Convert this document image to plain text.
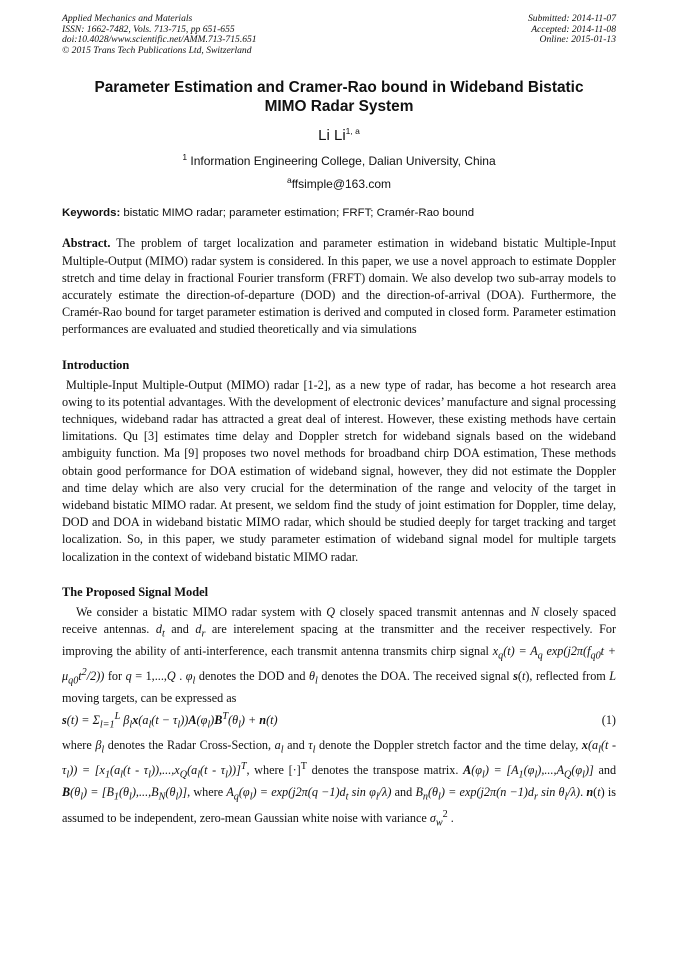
Applied Mechanics and Materials
ISSN: 1662-7482, Vols. 713-715, pp 651-655
doi:10.4028/www.scientific.net/AMM.713-715.651
© 2015 Trans Tech Publications Ltd, Switzerland
Submitted: 2014-11-07
Accepted: 2014-11-08
Online: 2015-01-13
Parameter Estimation and Cramer-Rao bound in Wideband Bistatic MIMO Radar System
Li Li$^{1, a}$
$^1$ Information Engineering College, Dalian University, China
$^a$ffsimple@163.com
Keywords: bistatic MIMO radar; parameter estimation; FRFT; Cramér-Rao bound

Abstract. The problem of target localization and parameter estimation in wideband bistatic Multiple-Input Multiple-Output (MIMO) radar system is considered. In this paper, we use a novel approach to estimate Doppler stretch and time delay in fractional Fourier transform (FRFT) domain. We also develop two sub-array models to accurately estimate the direction-of-departure (DOD) and the direction-of-arrival (DOA). Furthermore, the Cramér-Rao bound for target parameter estimation is derived and computed in closed form. Parameter estimation performances are evaluated and studied theoretically and via simulations

Introduction

Multiple-Input Multiple-Output (MIMO) radar [1-2], as a new type of radar, has become a hot research area owing to its potential advantages. With the development of electronic devices’ manufacture and signal processing techniques, wideband radar has attracted a great deal of interest. However, these existing methods have certain limitations. Qu [3] estimates time delay and Doppler stretch for wideband signals based on the wideband ambiguity function. Ma [9] proposes two novel methods for broadband chirp DOA estimation, These methods obtain good performance for DOA estimation of wideband signal, however, they did not estimate the Doppler and time delay which are also very crucial for the determination of the range and velocity of the target in wideband bistatic MIMO radar. At present, we seldom find the study of joint estimation for Doppler, time delay, DOD and DOA in wideband bistatic MIMO radar, which should be studied deeply for target tracking and target localization. So, in this paper, we study parameter estimation of wideband signal model for multiple targets localization in the context of wideband bistatic MIMO radar.

The Proposed Signal Model

We consider a bistatic MIMO radar system with Q closely spaced transmit antennas and N closely spaced receive antennas. $d_t$ and $d_r$ are interelement spacing at the transmitter and the receiver respectively. For improving the ability of anti-interference, each transmit antenna transmits chirp signal $x_q(t) = A_q$ $\exp(j2\pi(f_{q0}t + \mu_{q0}t^2/2))$ for q = 1,...,Q . $\varphi_l$ denotes the DOD and $\theta_l$ denotes the DOA. The received signal s(t), reflected from L moving targets, can be expressed as

$s(t) = \Sigma_{l=1}^L$ $\beta_lx(a_l(t - \tau_l))A(\varphi_l)B^T(\theta_l) + n(t)$	(1)

where $\beta_l$ denotes the Radar Cross-Section, $a_l$ and $\tau_l$ denote the Doppler stretch factor and the time delay, $x(a_l(t - \tau_l)) = [x_1(a_l(t - \tau_l)),...,x_Q(a_l(t - \tau_l))]^T$, where $[\cdot]^T$ denotes the transpose matrix. $A(\varphi_l) = [A_1(\varphi_l),...,A_Q(\varphi_l)]$ and $B(\theta_l) = [B_1(\theta_l),...,B_N(\theta_l)]$, where $A_q(\varphi_l) = \exp(j2\pi(q -1)d_t$ $\sin \varphi_l/\lambda$) and $B_n(\theta_l) = \exp(j2\pi(n -1)d_r$ $\sin \theta_l/\lambda$). n(t) is assumed to be independent, zero-mean Gaussian white noise with variance $\sigma_w^2$ .
